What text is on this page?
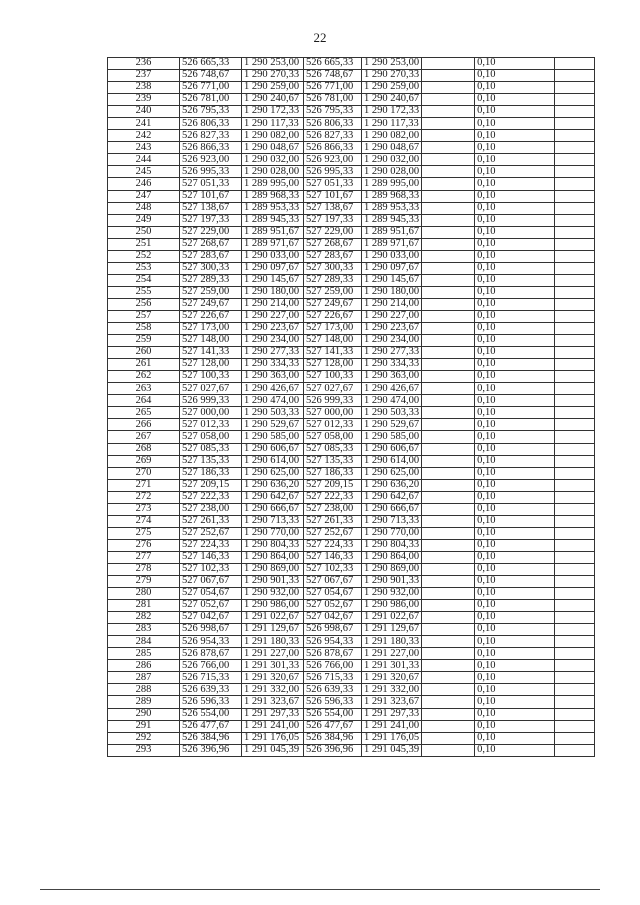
22
236	526 665,33	1 290 253,00	526 665,33	1 290 253,00		0,10	
237	526 748,67	1 290 270,33	526 748,67	1 290 270,33		0,10	
238	526 771,00	1 290 259,00	526 771,00	1 290 259,00		0,10	
239	526 781,00	1 290 240,67	526 781,00	1 290 240,67		0,10	
240	526 795,33	1 290 172,33	526 795,33	1 290 172,33		0,10	
241	526 806,33	1 290 117,33	526 806,33	1 290 117,33		0,10	
242	526 827,33	1 290 082,00	526 827,33	1 290 082,00		0,10	
243	526 866,33	1 290 048,67	526 866,33	1 290 048,67		0,10	
244	526 923,00	1 290 032,00	526 923,00	1 290 032,00		0,10	
245	526 995,33	1 290 028,00	526 995,33	1 290 028,00		0,10	
246	527 051,33	1 289 995,00	527 051,33	1 289 995,00		0,10	
247	527 101,67	1 289 968,33	527 101,67	1 289 968,33		0,10	
248	527 138,67	1 289 953,33	527 138,67	1 289 953,33		0,10	
249	527 197,33	1 289 945,33	527 197,33	1 289 945,33		0,10	
250	527 229,00	1 289 951,67	527 229,00	1 289 951,67		0,10	
251	527 268,67	1 289 971,67	527 268,67	1 289 971,67		0,10	
252	527 283,67	1 290 033,00	527 283,67	1 290 033,00		0,10	
253	527 300,33	1 290 097,67	527 300,33	1 290 097,67		0,10	
254	527 289,33	1 290 145,67	527 289,33	1 290 145,67		0,10	
255	527 259,00	1 290 180,00	527 259,00	1 290 180,00		0,10	
256	527 249,67	1 290 214,00	527 249,67	1 290 214,00		0,10	
257	527 226,67	1 290 227,00	527 226,67	1 290 227,00		0,10	
258	527 173,00	1 290 223,67	527 173,00	1 290 223,67		0,10	
259	527 148,00	1 290 234,00	527 148,00	1 290 234,00		0,10	
260	527 141,33	1 290 277,33	527 141,33	1 290 277,33		0,10	
261	527 128,00	1 290 334,33	527 128,00	1 290 334,33		0,10	
262	527 100,33	1 290 363,00	527 100,33	1 290 363,00		0,10	
263	527 027,67	1 290 426,67	527 027,67	1 290 426,67		0,10	
264	526 999,33	1 290 474,00	526 999,33	1 290 474,00		0,10	
265	527 000,00	1 290 503,33	527 000,00	1 290 503,33		0,10	
266	527 012,33	1 290 529,67	527 012,33	1 290 529,67		0,10	
267	527 058,00	1 290 585,00	527 058,00	1 290 585,00		0,10	
268	527 085,33	1 290 606,67	527 085,33	1 290 606,67		0,10	
269	527 135,33	1 290 614,00	527 135,33	1 290 614,00		0,10	
270	527 186,33	1 290 625,00	527 186,33	1 290 625,00		0,10	
271	527 209,15	1 290 636,20	527 209,15	1 290 636,20		0,10	
272	527 222,33	1 290 642,67	527 222,33	1 290 642,67		0,10	
273	527 238,00	1 290 666,67	527 238,00	1 290 666,67		0,10	
274	527 261,33	1 290 713,33	527 261,33	1 290 713,33		0,10	
275	527 252,67	1 290 770,00	527 252,67	1 290 770,00		0,10	
276	527 224,33	1 290 804,33	527 224,33	1 290 804,33		0,10	
277	527 146,33	1 290 864,00	527 146,33	1 290 864,00		0,10	
278	527 102,33	1 290 869,00	527 102,33	1 290 869,00		0,10	
279	527 067,67	1 290 901,33	527 067,67	1 290 901,33		0,10	
280	527 054,67	1 290 932,00	527 054,67	1 290 932,00		0,10	
281	527 052,67	1 290 986,00	527 052,67	1 290 986,00		0,10	
282	527 042,67	1 291 022,67	527 042,67	1 291 022,67		0,10	
283	526 998,67	1 291 129,67	526 998,67	1 291 129,67		0,10	
284	526 954,33	1 291 180,33	526 954,33	1 291 180,33		0,10	
285	526 878,67	1 291 227,00	526 878,67	1 291 227,00		0,10	
286	526 766,00	1 291 301,33	526 766,00	1 291 301,33		0,10	
287	526 715,33	1 291 320,67	526 715,33	1 291 320,67		0,10	
288	526 639,33	1 291 332,00	526 639,33	1 291 332,00		0,10	
289	526 596,33	1 291 323,67	526 596,33	1 291 323,67		0,10	
290	526 554,00	1 291 297,33	526 554,00	1 291 297,33		0,10	
291	526 477,67	1 291 241,00	526 477,67	1 291 241,00		0,10	
292	526 384,96	1 291 176,05	526 384,96	1 291 176,05		0,10	
293	526 396,96	1 291 045,39	526 396,96	1 291 045,39		0,10	
